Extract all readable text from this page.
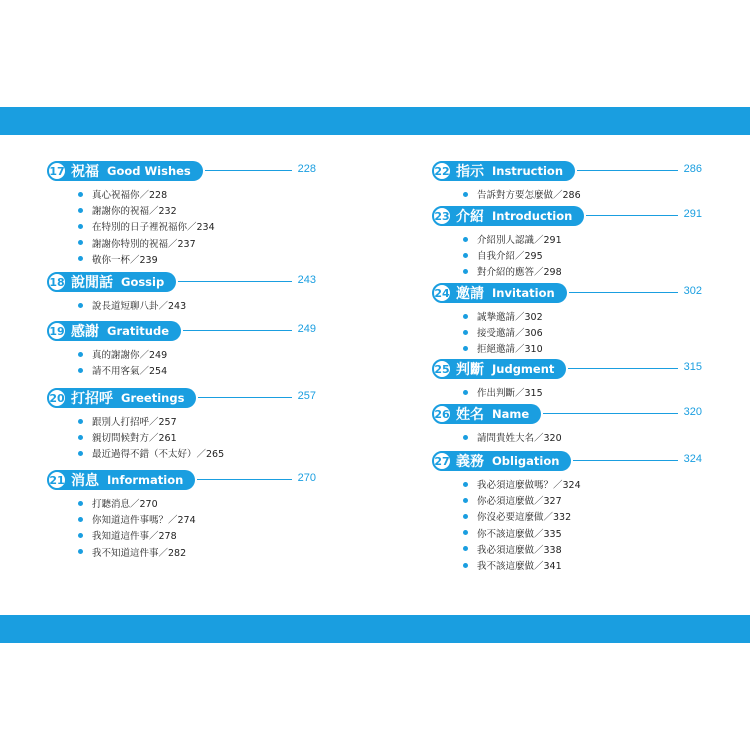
17 祝福 Good Wishes	228
真心祝福你／228
謝謝你的祝福／232
在特別的日子裡祝福你／234
謝謝你特別的祝福／237
敬你一杯／239
18 說閒話 Gossip	243
說長道短聊八卦／243
19 感謝 Gratitude	249
真的謝謝你／249
請不用客氣／254
20 打招呼 Greetings	257
跟別人打招呼／257
親切問候對方／261
最近過得不錯（不太好）／265
21 消息 Information	270
打聽消息／270
你知道這件事嗎？／274
我知道這件事／278
我不知道這件事／282
22 指示 Instruction	286
告訴對方要怎麼做／286
23 介紹 Introduction	291
介紹別人認識／291
自我介紹／295
對介紹的應答／298
24 邀請 Invitation	302
誠摯邀請／302
接受邀請／306
拒絕邀請／310
25 判斷 Judgment	315
作出判斷／315
26 姓名 Name	320
請問貴姓大名／320
27 義務 Obligation	324
我必須這麼做嗎？／324
你必須這麼做／327
你沒必要這麼做／332
你不該這麼做／335
我必須這麼做／338
我不該這麼做／341
